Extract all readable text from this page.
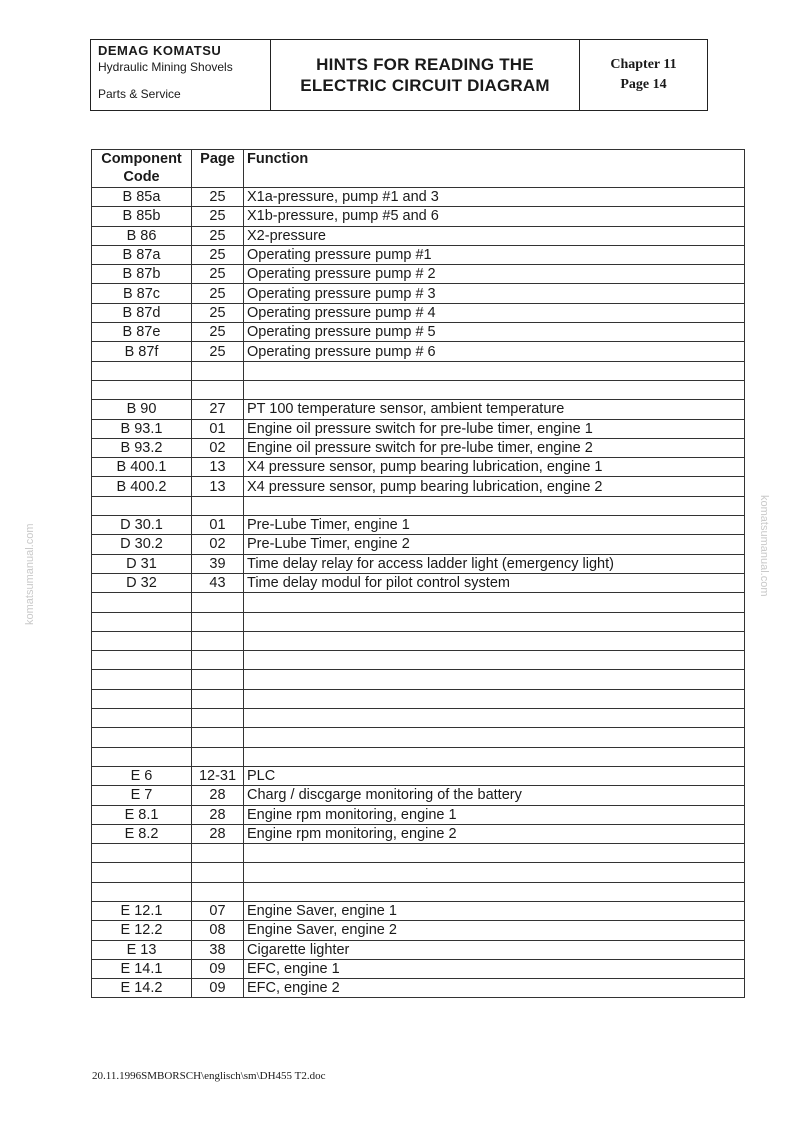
DEMAG KOMATSU
Hydraulic Mining Shovels
Parts & Service
HINTS FOR READING THE
ELECTRIC CIRCUIT DIAGRAM
Chapter 11
Page 14
Component Code	Page	Function
B 85a	25	X1a-pressure, pump #1 and 3
B 85b	25	X1b-pressure, pump #5 and 6
B 86	25	X2-pressure
B 87a	25	Operating pressure pump #1
B 87b	25	Operating pressure pump # 2
B 87c	25	Operating pressure pump # 3
B 87d	25	Operating pressure pump # 4
B 87e	25	Operating pressure pump # 5
B 87f	25	Operating pressure pump # 6

B 90	27	PT 100 temperature sensor, ambient temperature
B 93.1	01	Engine oil pressure switch for pre-lube timer, engine 1
B 93.2	02	Engine oil pressure switch for pre-lube timer, engine 2
B 400.1	13	X4 pressure sensor, pump bearing lubrication, engine 1
B 400.2	13	X4 pressure sensor, pump bearing lubrication, engine 2

D 30.1	01	Pre-Lube Timer, engine 1
D 30.2	02	Pre-Lube Timer, engine 2
D 31	39	Time delay relay for access ladder light (emergency light)
D 32	43	Time delay modul for pilot control system

E 6	12-31	PLC
E 7	28	Charg / discgarge monitoring of the battery
E 8.1	28	Engine rpm monitoring, engine 1
E 8.2	28	Engine rpm monitoring, engine 2

E 12.1	07	Engine Saver, engine 1
E 12.2	08	Engine Saver, engine 2
E 13	38	Cigarette lighter
E 14.1	09	EFC, engine 1
E 14.2	09	EFC, engine 2
20.11.1996SMBORSCH\englisch\sm\DH455 T2.doc
komatsumanual.com	komatsumanual.com
